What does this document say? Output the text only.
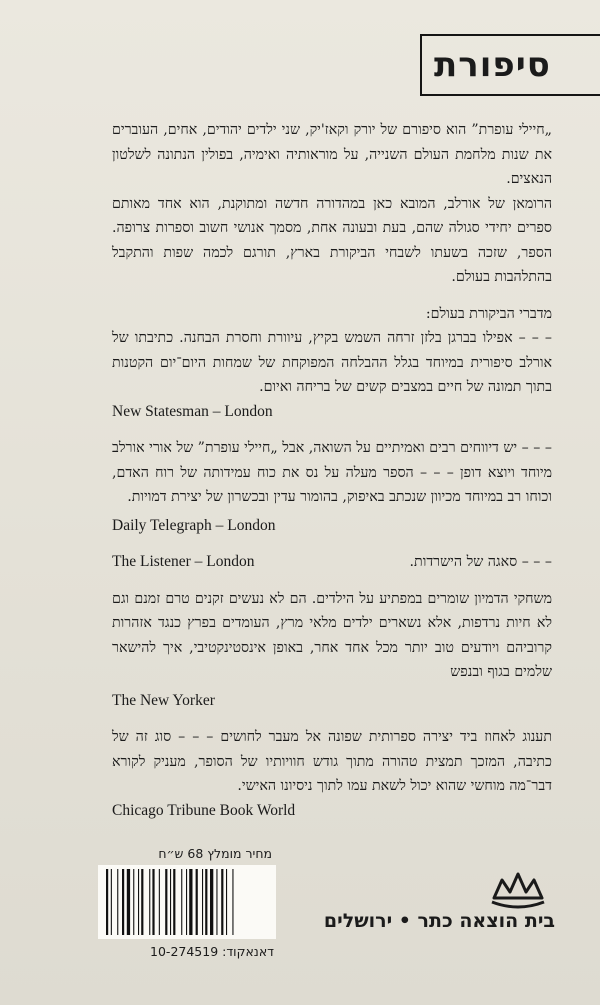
סיפורת

„חיילי עופרת” הוא סיפורם של יורק וקאז'יק, שני ילדים יהודים, אחים, העוברים את שנות מלחמת העולם השנייה, על מוראותיה ואימיה, בפולין הנתונה לשלטון הנאצים.

הרומאן של אורלב, המובא כאן במהדורה חדשה ומתוקנת, הוא אחד מאותם ספרים יחידי סגולה שהם, בעת ובעונה אחת, מסמך אנושי חשוב וספרות צרופה. הספר, שזכה בשעתו לשבחי הביקורת בארץ, תורגם לכמה שפות והתקבל בהתלהבות בעולם.

מדברי הביקורת בעולם:

– – – אפילו בברגן בלזן זרחה השמש בקיץ, עיוורת וחסרת הבחנה. כתיבתו של אורלב סיפורית במיוחד בגלל ההבלחה המפוקחת של שמחות היום־יום הקטנות בתוך תמונה של חיים במצבים קשים של בריחה ואיום.

New Statesman – London

– – – יש דיווחים רבים ואמיתיים על השואה, אבל „חיילי עופרת” של אורי אורלב מיוחד ויוצא דופן – – – הספר מעלה על נס את כוח עמידותה של רוח האדם, וכוחו רב במיוחד מכיוון שנכתב באיפוק, בהומור עדין ובכשרון של יצירת דמויות.

Daily Telegraph – London

– – – סאגה של הישרדות.
The Listener – London

משחקי הדמיון שומרים במפתיע על הילדים. הם לא נעשים זקנים טרם זמנם וגם לא חיות נרדפות, אלא נשארים ילדים מלאי מרץ, העומדים בפרץ כנגד אזהרות קרוביהם ויודעים טוב יותר מכל אחד אחר, באופן אינסטינקטיבי, איך להישאר שלמים בגוף ובנפש

The New Yorker

תענוג לאחוז ביד יצירה ספרותית שפונה אל מעבר לחושים – – – סוג זה של כתיבה, המזכך תמצית טהורה מתוך גודש חוויותיו של הסופר, מעניק לקורא דבר־מה מוחשי שהוא יכול לשאת עמו לתוך ניסיונו האישי.

Chicago Tribune Book World

מחיר מומלץ 68 ש״ח
דאנאקוד: 10-274519
בית הוצאה כתר • ירושלים
